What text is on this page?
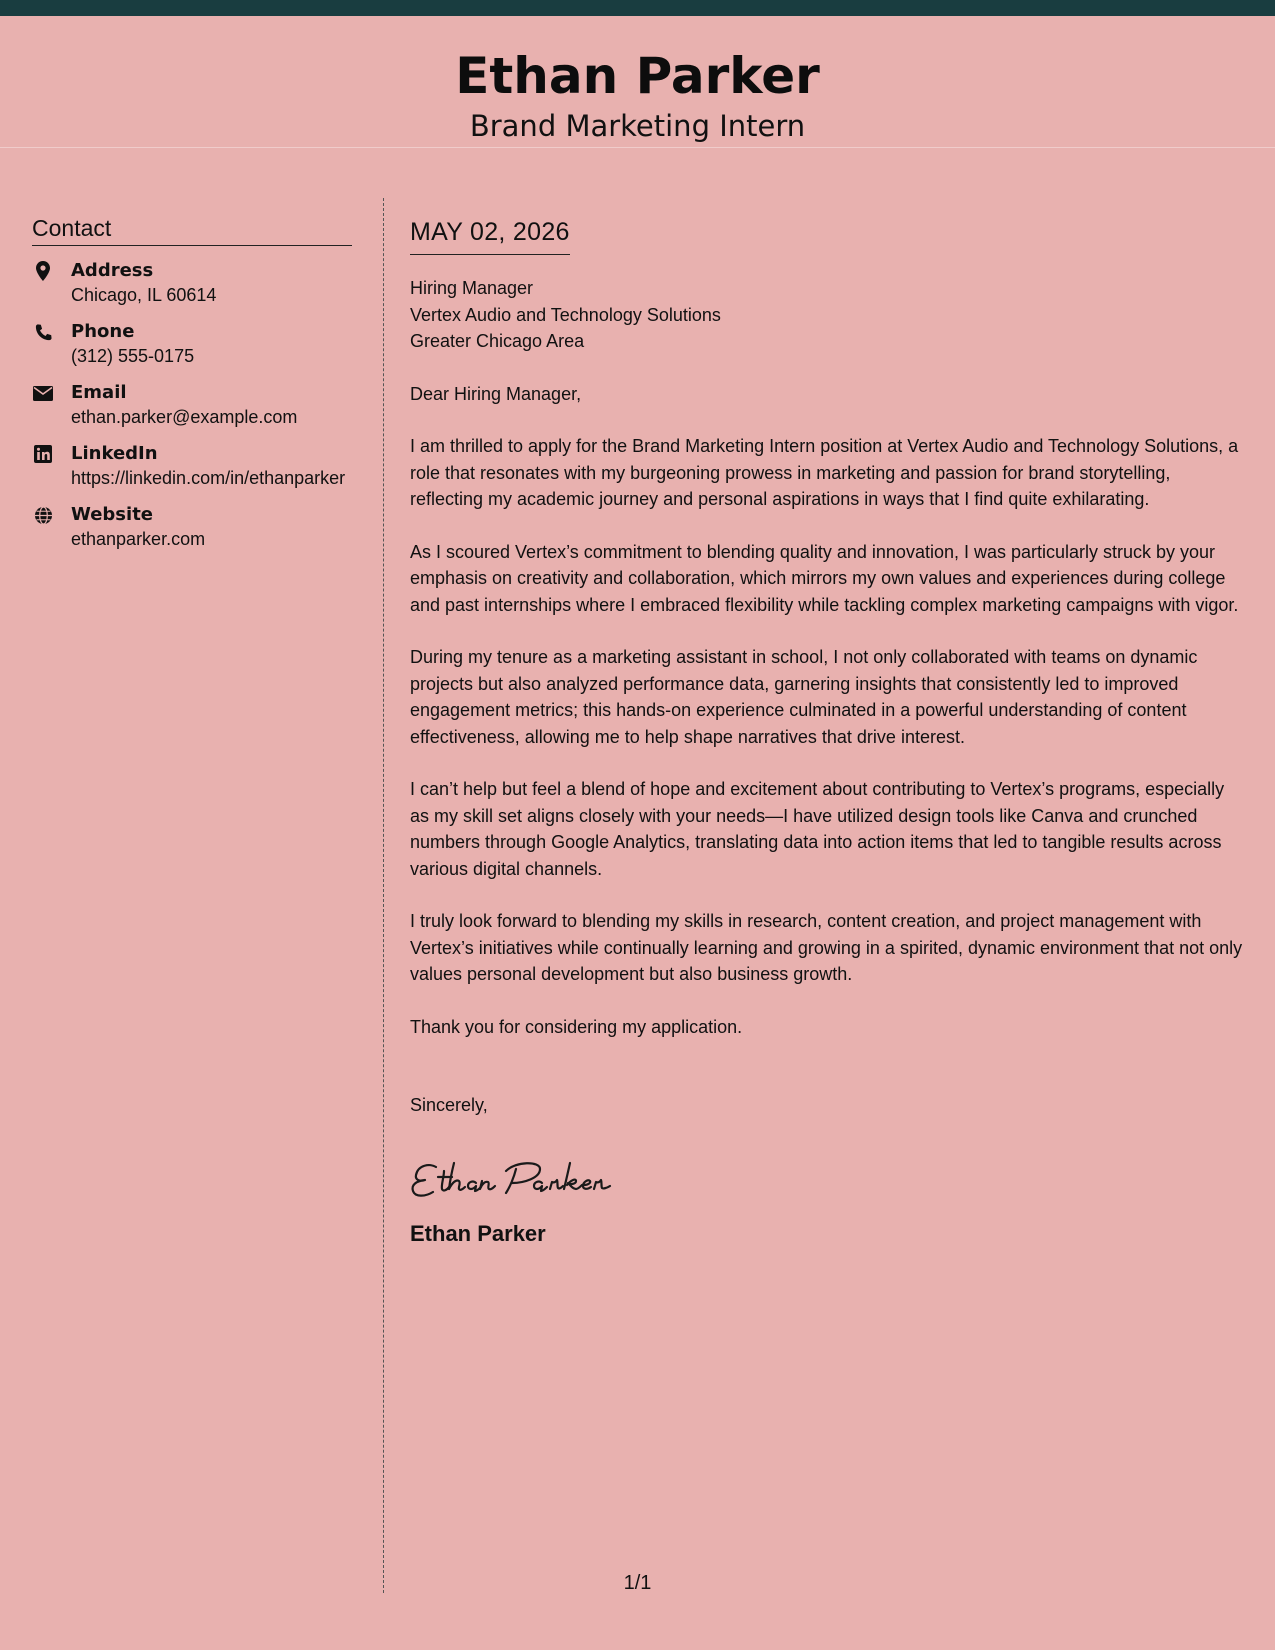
Ethan Parker
Brand Marketing Intern
Contact
Address
Chicago, IL 60614
Phone
(312) 555-0175
Email
ethan.parker@example.com
LinkedIn
https://linkedin.com/in/ethanparker
Website
ethanparker.com
MAY 02, 2026
Hiring Manager
Vertex Audio and Technology Solutions
Greater Chicago Area

Dear Hiring Manager,

I am thrilled to apply for the Brand Marketing Intern position at Vertex Audio and Technology Solutions, a role that resonates with my burgeoning prowess in marketing and passion for brand storytelling, reflecting my academic journey and personal aspirations in ways that I find quite exhilarating.

As I scoured Vertex’s commitment to blending quality and innovation, I was particularly struck by your emphasis on creativity and collaboration, which mirrors my own values and experiences during college and past internships where I embraced flexibility while tackling complex marketing campaigns with vigor.

During my tenure as a marketing assistant in school, I not only collaborated with teams on dynamic projects but also analyzed performance data, garnering insights that consistently led to improved engagement metrics; this hands-on experience culminated in a powerful understanding of content effectiveness, allowing me to help shape narratives that drive interest.

I can’t help but feel a blend of hope and excitement about contributing to Vertex’s programs, especially as my skill set aligns closely with your needs—I have utilized design tools like Canva and crunched numbers through Google Analytics, translating data into action items that led to tangible results across various digital channels.

I truly look forward to blending my skills in research, content creation, and project management with Vertex’s initiatives while continually learning and growing in a spirited, dynamic environment that not only values personal development but also business growth.

Thank you for considering my application.

Sincerely,
Ethan Parker
1/1
